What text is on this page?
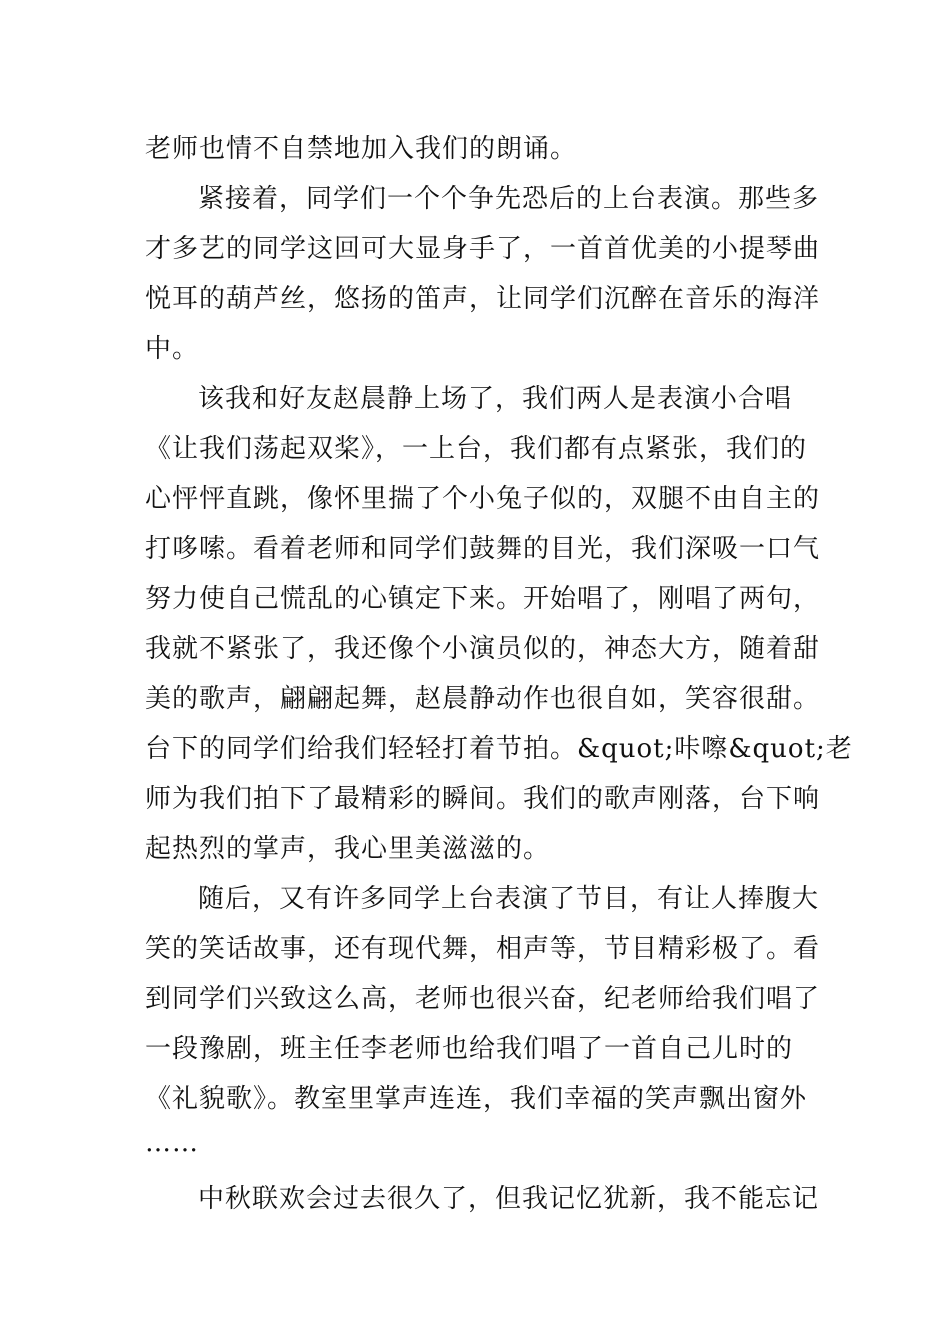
老师也情不自禁地加入我们的朗诵。
紧接着，同学们一个个争先恐后的上台表演。那些多
才多艺的同学这回可大显身手了，一首首优美的小提琴曲
悦耳的葫芦丝，悠扬的笛声，让同学们沉醉在音乐的海洋
中。
该我和好友赵晨静上场了，我们两人是表演小合唱
《让我们荡起双桨》，一上台，我们都有点紧张，我们的
心怦怦直跳，像怀里揣了个小兔子似的，双腿不由自主的
打哆嗦。看着老师和同学们鼓舞的目光，我们深吸一口气
努力使自己慌乱的心镇定下来。开始唱了，刚唱了两句，
我就不紧张了，我还像个小演员似的，神态大方，随着甜
美的歌声，翩翩起舞，赵晨静动作也很自如，笑容很甜。
台下的同学们给我们轻轻打着节拍。&quot;咔嚓&quot;老
师为我们拍下了最精彩的瞬间。我们的歌声刚落，台下响
起热烈的掌声，我心里美滋滋的。
随后，又有许多同学上台表演了节目，有让人捧腹大
笑的笑话故事，还有现代舞，相声等，节目精彩极了。看
到同学们兴致这么高，老师也很兴奋，纪老师给我们唱了
一段豫剧，班主任李老师也给我们唱了一首自己儿时的
《礼貌歌》。教室里掌声连连，我们幸福的笑声飘出窗外
……
中秋联欢会过去很久了，但我记忆犹新，我不能忘记
